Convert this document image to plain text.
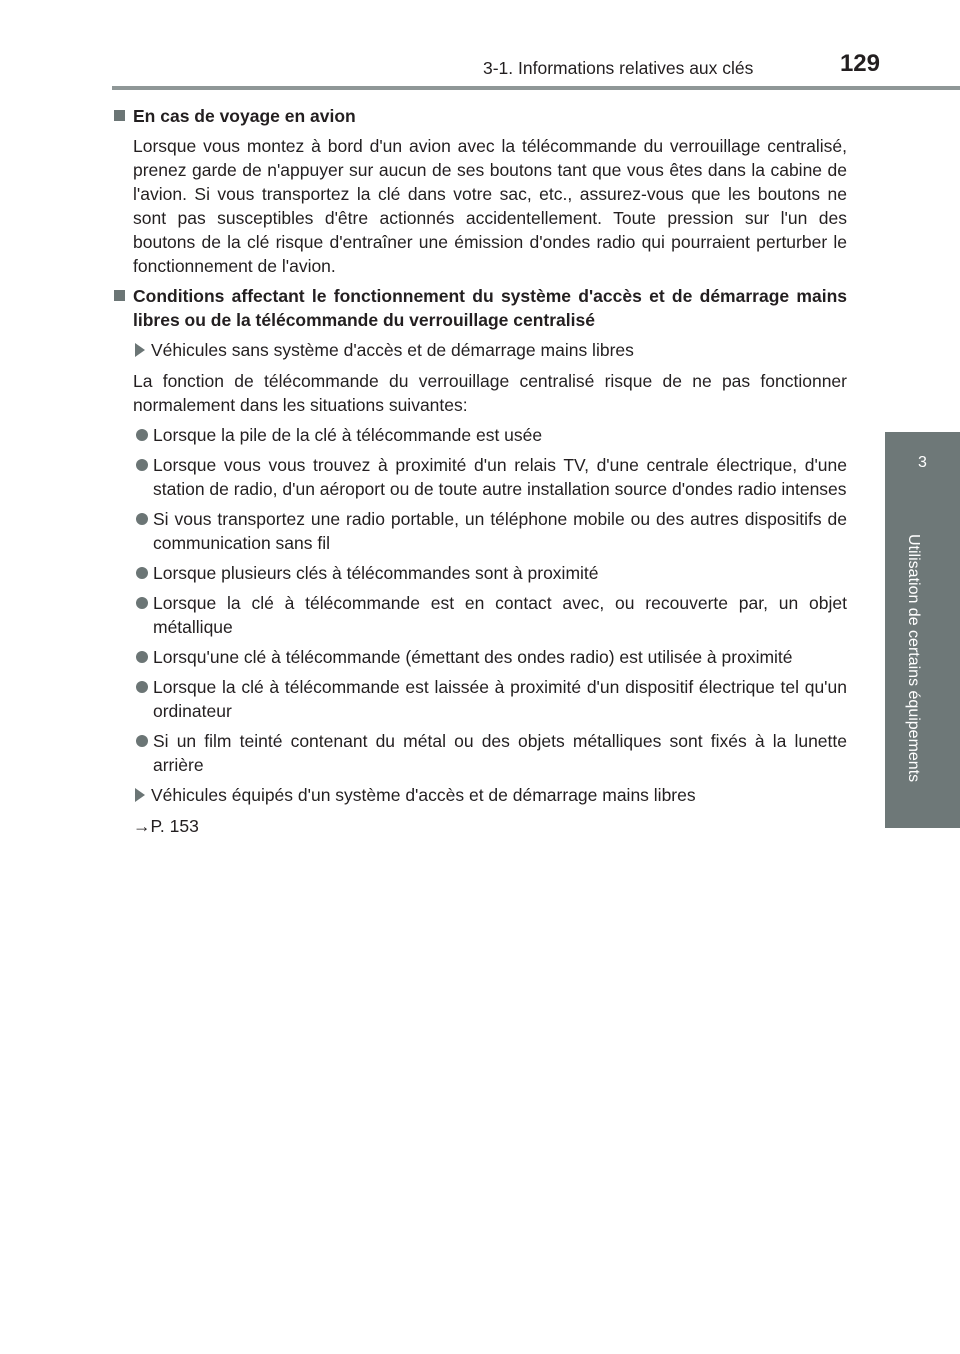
3-1. Informations relatives aux clés	129
3
Utilisation de certains équipements
En cas de voyage en avion
Lorsque vous montez à bord d'un avion avec la télécommande du verrouillage centralisé, prenez garde de n'appuyer sur aucun de ses boutons tant que vous êtes dans la cabine de l'avion. Si vous transportez la clé dans votre sac, etc., assurez-vous que les boutons ne sont pas susceptibles d'être actionnés accidentellement. Toute pression sur l'un des boutons de la clé risque d'entraîner une émission d'ondes radio qui pourraient perturber le fonctionnement de l'avion.
Conditions affectant le fonctionnement du système d'accès et de démarrage mains libres ou de la télécommande du verrouillage centralisé
Véhicules sans système d'accès et de démarrage mains libres
La fonction de télécommande du verrouillage centralisé risque de ne pas fonctionner normalement dans les situations suivantes:
Lorsque la pile de la clé à télécommande est usée
Lorsque vous vous trouvez à proximité d'un relais TV, d'une centrale électrique, d'une station de radio, d'un aéroport ou de toute autre installation source d'ondes radio intenses
Si vous transportez une radio portable, un téléphone mobile ou des autres dispositifs de communication sans fil
Lorsque plusieurs clés à télécommandes sont à proximité
Lorsque la clé à télécommande est en contact avec, ou recouverte par, un objet métallique
Lorsqu'une clé à télécommande (émettant des ondes radio) est utilisée à proximité
Lorsque la clé à télécommande est laissée à proximité d'un dispositif électrique tel qu'un ordinateur
Si un film teinté contenant du métal ou des objets métalliques sont fixés à la lunette arrière
Véhicules équipés d'un système d'accès et de démarrage mains libres
→P. 153
